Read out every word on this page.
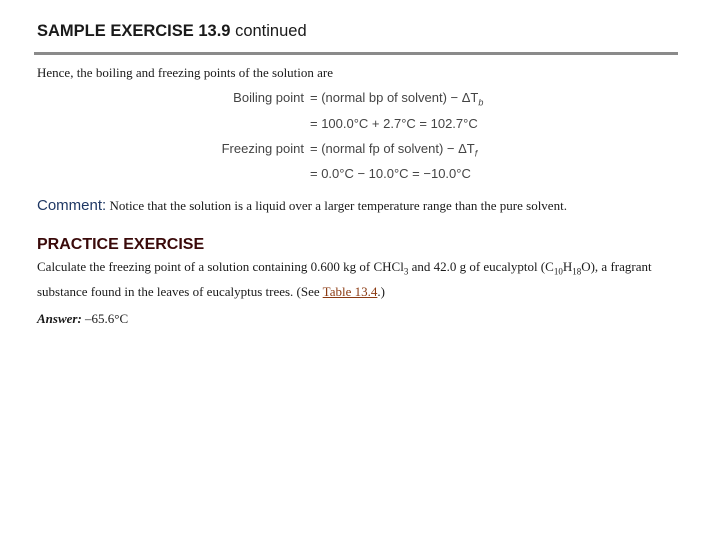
SAMPLE EXERCISE 13.9 continued
Hence, the boiling and freezing points of the solution are
Boiling point = (normal bp of solvent) − $\Delta T_b$
= 100.0°C + 2.7°C = 102.7°C
Freezing point = (normal fp of solvent) − $\Delta T_f$
= 0.0°C − 10.0°C = −10.0°C
Comment: Notice that the solution is a liquid over a larger temperature range than the pure solvent.
PRACTICE EXERCISE
Calculate the freezing point of a solution containing 0.600 kg of CHCl$_3$ and 42.0 g of eucalyptol $(C_{10}H_{18}O)$, a fragrant substance found in the leaves of eucalyptus trees. (See Table 13.4.)
Answer: –65.6°C
